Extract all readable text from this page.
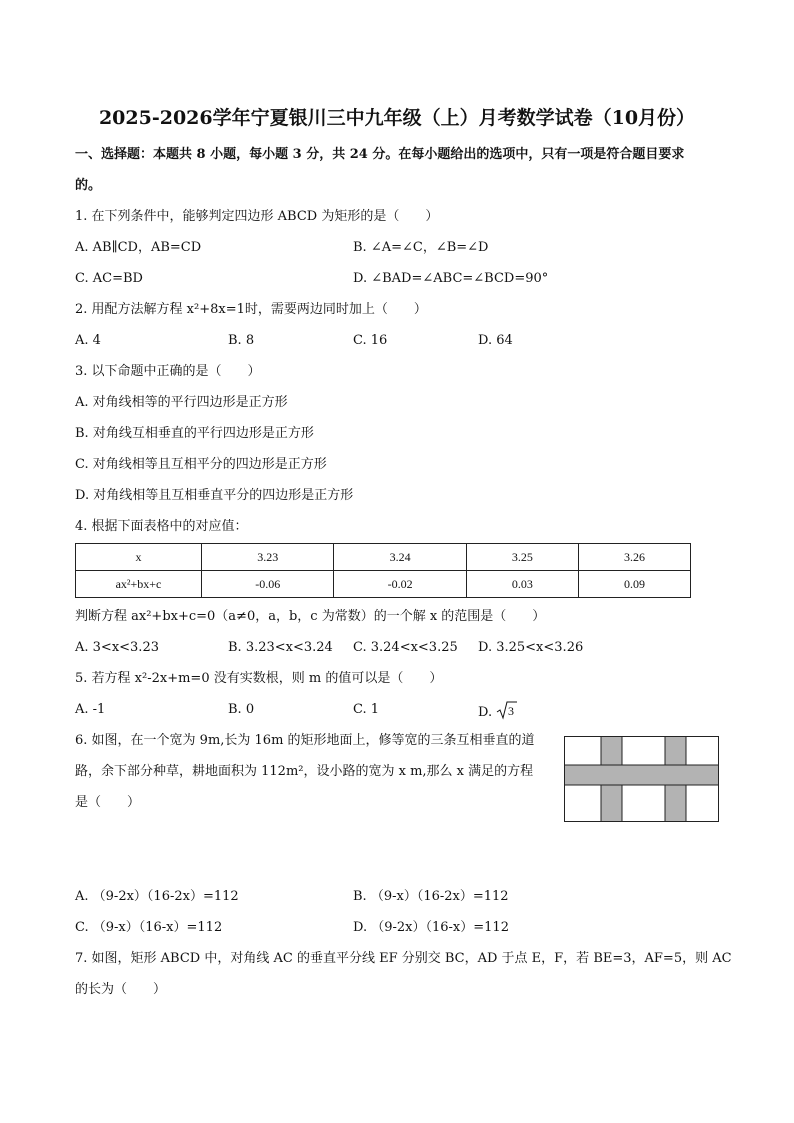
2025-2026学年宁夏银川三中九年级（上）月考数学试卷（10月份）
一、选择题：本题共 8 小题，每小题 3 分，共 24 分。在每小题给出的选项中，只有一项是符合题目要求
的。
1. 在下列条件中，能够判定四边形 ABCD 为矩形的是（　　）
A. AB∥CD，AB=CD	B. ∠A=∠C，∠B=∠D
C. AC=BD	D. ∠BAD=∠ABC=∠BCD=90°
2. 用配方法解方程 x²+8x=1时，需要两边同时加上（　　）
A. 4	B. 8	C. 16	D. 64
3. 以下命题中正确的是（　　）
A. 对角线相等的平行四边形是正方形
B. 对角线互相垂直的平行四边形是正方形
C. 对角线相等且互相平分的四边形是正方形
D. 对角线相等且互相垂直平分的四边形是正方形
4. 根据下面表格中的对应值：
x	3.23	3.24	3.25	3.26
ax²+bx+c	-0.06	-0.02	0.03	0.09
判断方程 ax²+bx+c=0（a≠0，a，b，c 为常数）的一个解 x 的范围是（　　）
A. 3<x<3.23	B. 3.23<x<3.24 C. 3.24<x<3.25 D. 3.25<x<3.26
5. 若方程 x²-2x+m=0 没有实数根，则 m 的值可以是（　　）
A. -1	B. 0	C. 1	D. 3
6. 如图，在一个宽为 9m,长为 16m 的矩形地面上，修等宽的三条互相垂直的道
路，余下部分种草，耕地面积为 112m²，设小路的宽为 x m,那么 x 满足的方程
是（　　）
A. （9-2x）（16-2x）=112	B. （9-x）（16-2x）=112
C. （9-x）（16-x）=112	D. （9-2x）（16-x）=112
7. 如图，矩形 ABCD 中，对角线 AC 的垂直平分线 EF 分别交 BC，AD 于点 E，F，若 BE=3，AF=5，则 AC
的长为（　　）
